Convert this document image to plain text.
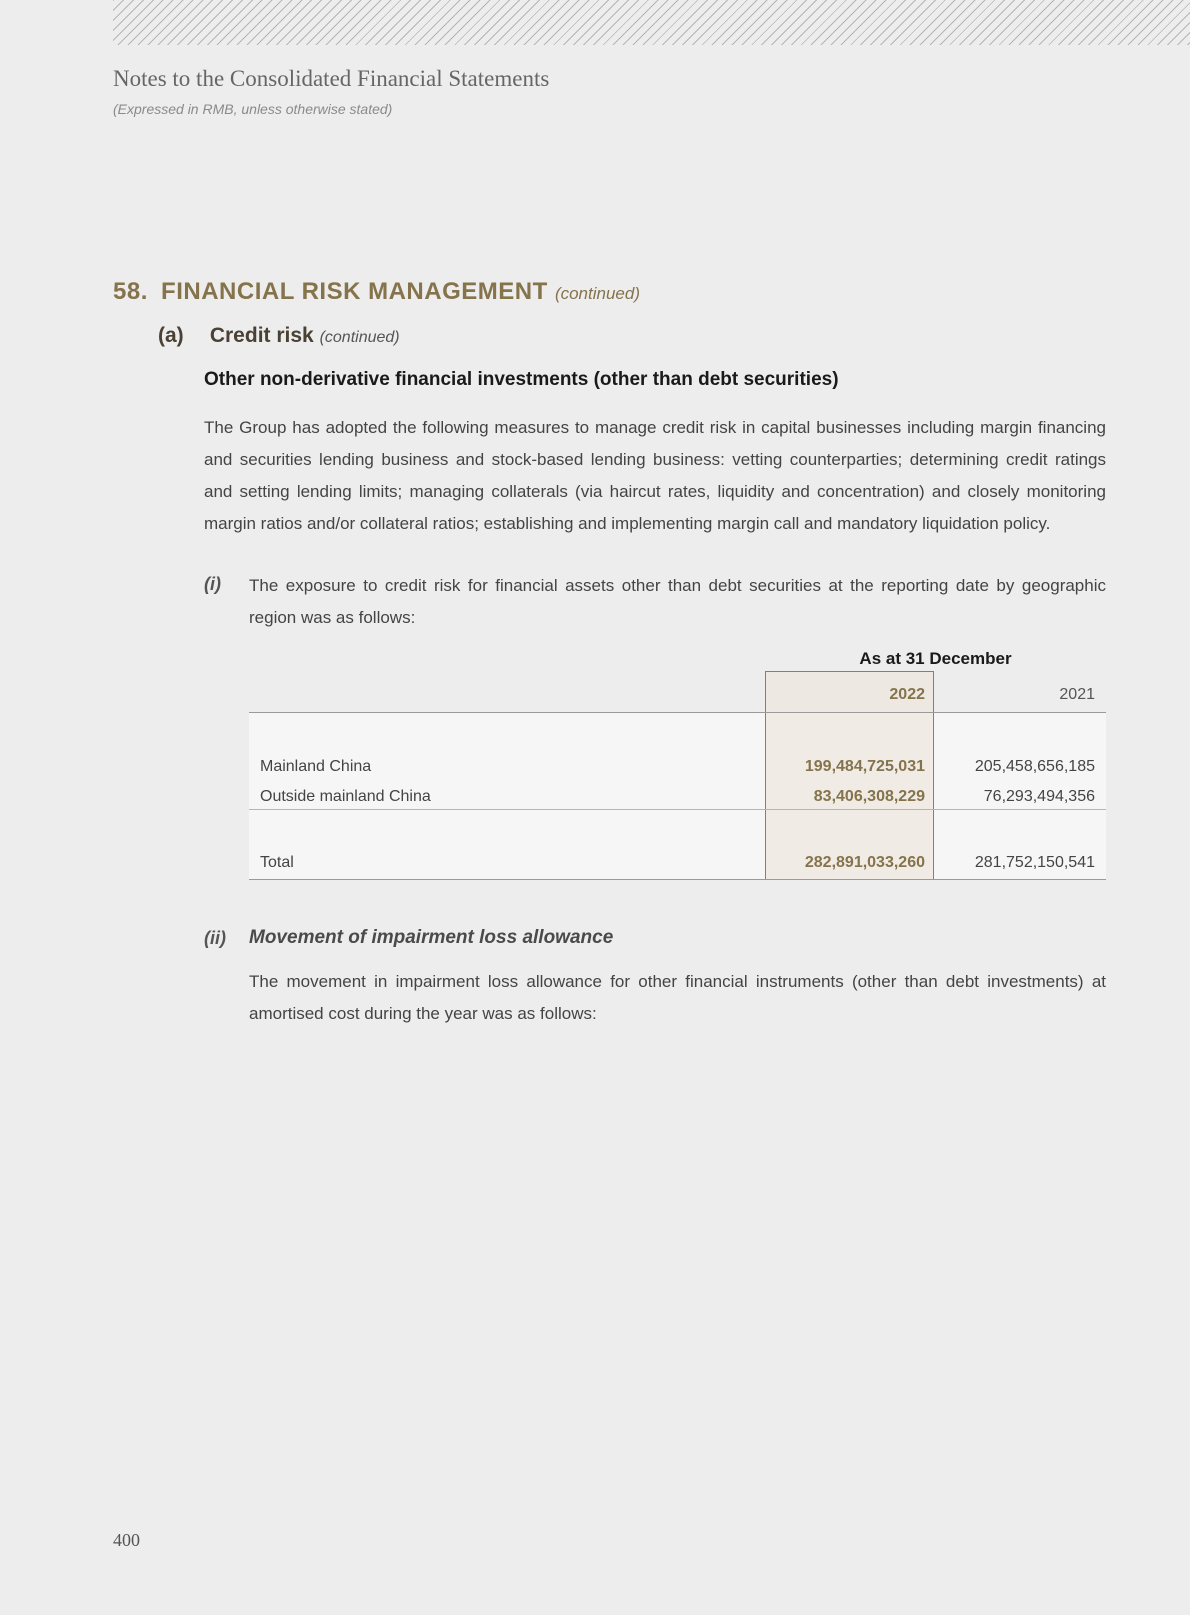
Notes to the Consolidated Financial Statements
(Expressed in RMB, unless otherwise stated)
58. FINANCIAL RISK MANAGEMENT (continued)
(a) Credit risk (continued)
Other non-derivative financial investments (other than debt securities)
The Group has adopted the following measures to manage credit risk in capital businesses including margin financing and securities lending business and stock-based lending business: vetting counterparties; determining credit ratings and setting lending limits; managing collaterals (via haircut rates, liquidity and concentration) and closely monitoring margin ratios and/or collateral ratios; establishing and implementing margin call and mandatory liquidation policy.
(i) The exposure to credit risk for financial assets other than debt securities at the reporting date by geographic region was as follows:
As at 31 December
2022	2021
Mainland China	199,484,725,031	205,458,656,185
Outside mainland China	83,406,308,229	76,293,494,356
Total	282,891,033,260	281,752,150,541
(ii) Movement of impairment loss allowance
The movement in impairment loss allowance for other financial instruments (other than debt investments) at amortised cost during the year was as follows:
400
